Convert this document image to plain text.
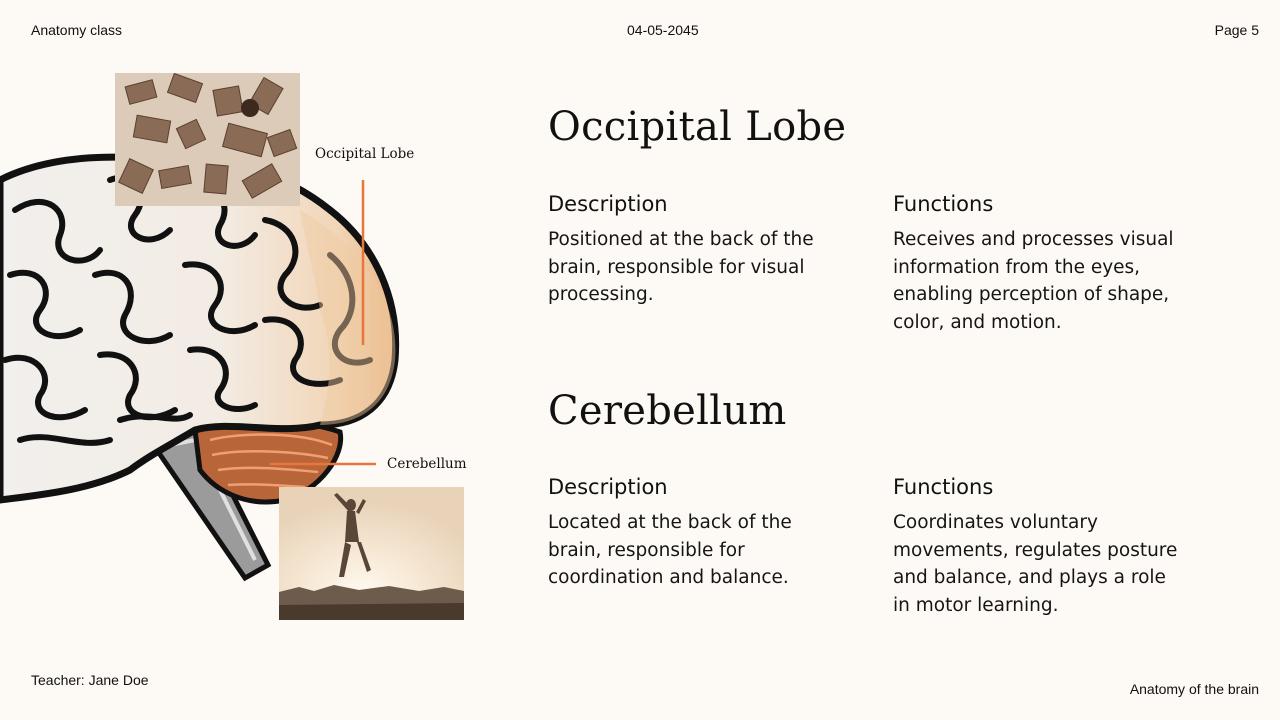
Anatomy class	04-05-2045	Page 5
Occipital Lobe
Cerebellum
Occipital Lobe
Description

Positioned at the back of the brain, responsible for visual processing.

Functions

Receives and processes visual information from the eyes, enabling perception of shape, color, and motion.

Cerebellum
Description

Located at the back of the brain, responsible for coordination and balance.

Functions

Coordinates voluntary movements, regulates posture and balance, and plays a role in motor learning.

Teacher: Jane Doe
Anatomy of the brain
